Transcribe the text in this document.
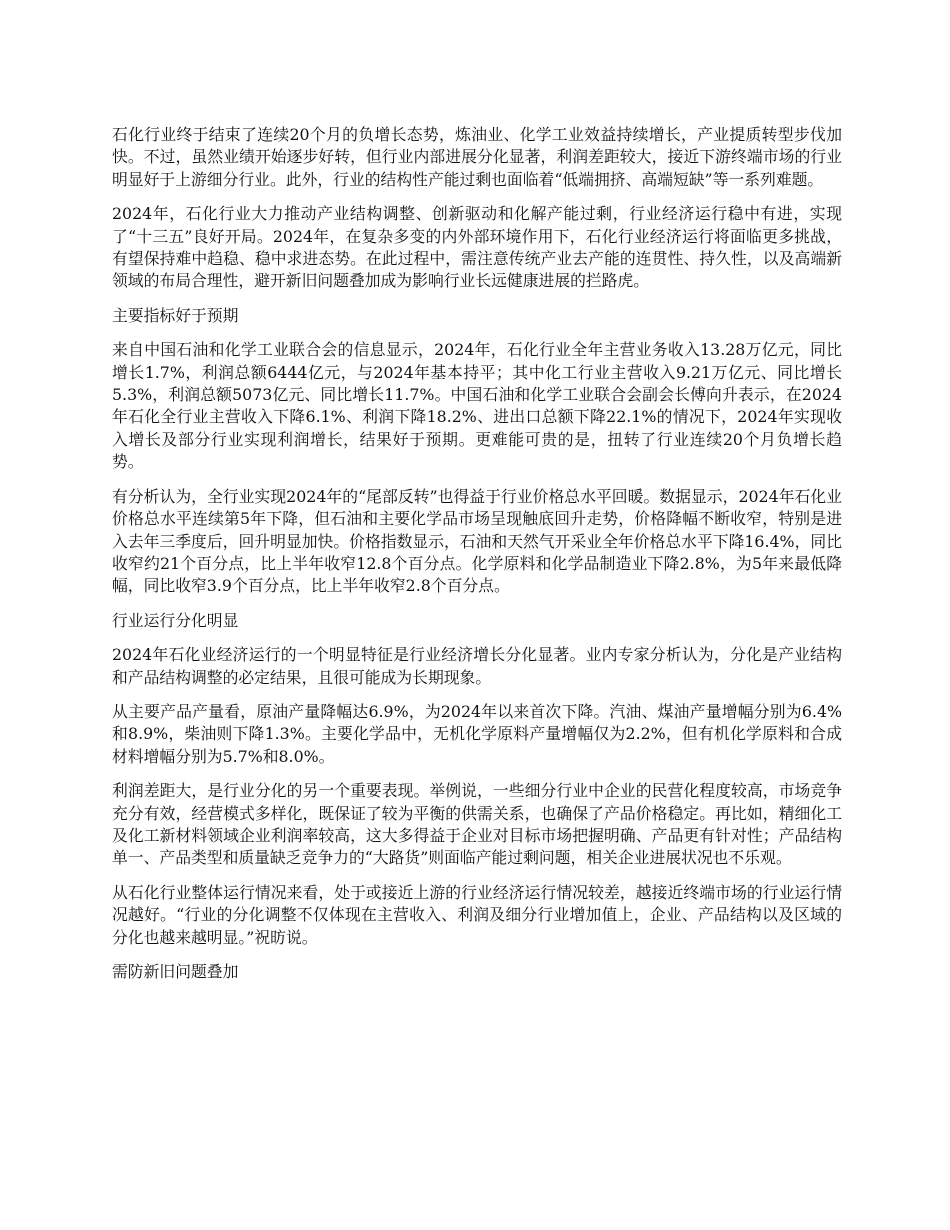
石化行业终于结束了连续20个月的负增长态势，炼油业、化学工业效益持续增长，产业提质转型步伐加快。不过，虽然业绩开始逐步好转，但行业内部进展分化显著，利润差距较大，接近下游终端市场的行业明显好于上游细分行业。此外，行业的结构性产能过剩也面临着“低端拥挤、高端短缺”等一系列难题。

2024年，石化行业大力推动产业结构调整、创新驱动和化解产能过剩，行业经济运行稳中有进，实现了“十三五”良好开局。2024年，在复杂多变的内外部环境作用下，石化行业经济运行将面临更多挑战，有望保持难中趋稳、稳中求进态势。在此过程中，需注意传统产业去产能的连贯性、持久性，以及高端新领域的布局合理性，避开新旧问题叠加成为影响行业长远健康进展的拦路虎。

主要指标好于预期

来自中国石油和化学工业联合会的信息显示，2024年，石化行业全年主营业务收入13.28万亿元，同比增长1.7%，利润总额6444亿元，与2024年基本持平；其中化工行业主营收入9.21万亿元、同比增长5.3%，利润总额5073亿元、同比增长11.7%。中国石油和化学工业联合会副会长傅向升表示，在2024年石化全行业主营收入下降6.1%、利润下降18.2%、进出口总额下降22.1%的情况下，2024年实现收入增长及部分行业实现利润增长，结果好于预期。更难能可贵的是，扭转了行业连续20个月负增长趋势。

有分析认为，全行业实现2024年的“尾部反转”也得益于行业价格总水平回暖。数据显示，2024年石化业价格总水平连续第5年下降，但石油和主要化学品市场呈现触底回升走势，价格降幅不断收窄，特别是进入去年三季度后，回升明显加快。价格指数显示，石油和天然气开采业全年价格总水平下降16.4%，同比收窄约21个百分点，比上半年收窄12.8个百分点。化学原料和化学品制造业下降2.8%，为5年来最低降幅，同比收窄3.9个百分点，比上半年收窄2.8个百分点。

行业运行分化明显

2024年石化业经济运行的一个明显特征是行业经济增长分化显著。业内专家分析认为，分化是产业结构和产品结构调整的必定结果，且很可能成为长期现象。

从主要产品产量看，原油产量降幅达6.9%，为2024年以来首次下降。汽油、煤油产量增幅分别为6.4%和8.9%，柴油则下降1.3%。主要化学品中，无机化学原料产量增幅仅为2.2%，但有机化学原料和合成材料增幅分别为5.7%和8.0%。

利润差距大，是行业分化的另一个重要表现。举例说，一些细分行业中企业的民营化程度较高，市场竞争充分有效，经营模式多样化，既保证了较为平衡的供需关系，也确保了产品价格稳定。再比如，精细化工及化工新材料领域企业利润率较高，这大多得益于企业对目标市场把握明确、产品更有针对性；产品结构单一、产品类型和质量缺乏竞争力的“大路货”则面临产能过剩问题，相关企业进展状况也不乐观。

从石化行业整体运行情况来看，处于或接近上游的行业经济运行情况较差，越接近终端市场的行业运行情况越好。“行业的分化调整不仅体现在主营收入、利润及细分行业增加值上，企业、产品结构以及区域的分化也越来越明显。”祝昉说。

需防新旧问题叠加
